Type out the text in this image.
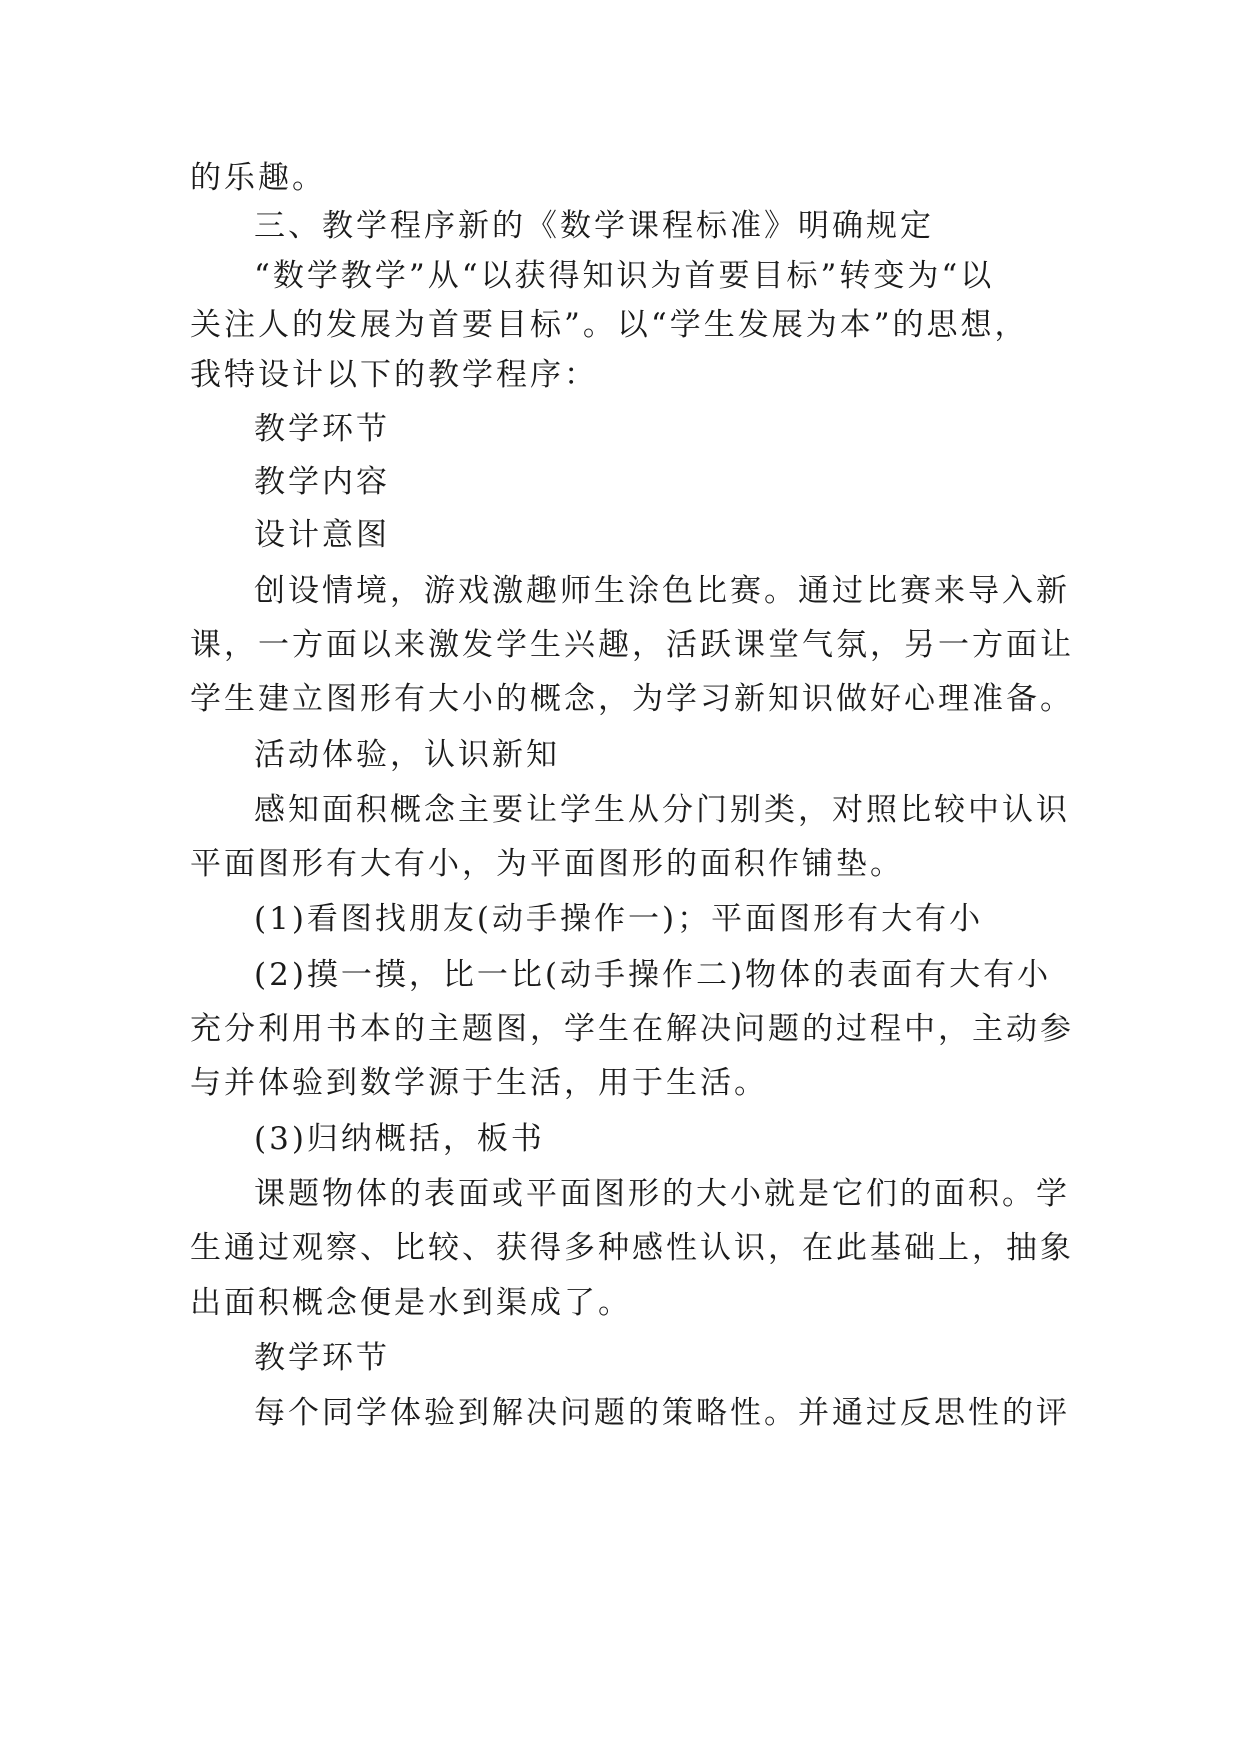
的乐趣。
三、教学程序新的《数学课程标准》明确规定
“数学教学”从“以获得知识为首要目标”转变为“以
关注人的发展为首要目标”。以“学生发展为本”的思想，
我特设计以下的教学程序：
教学环节
教学内容
设计意图
创设情境，游戏激趣师生涂色比赛。通过比赛来导入新
课，一方面以来激发学生兴趣，活跃课堂气氛，另一方面让
学生建立图形有大小的概念，为学习新知识做好心理准备。
活动体验，认识新知
感知面积概念主要让学生从分门别类，对照比较中认识
平面图形有大有小，为平面图形的面积作铺垫。
(1)看图找朋友(动手操作一)；平面图形有大有小
(2)摸一摸，比一比(动手操作二)物体的表面有大有小
充分利用书本的主题图，学生在解决问题的过程中，主动参
与并体验到数学源于生活，用于生活。
(3)归纳概括，板书
课题物体的表面或平面图形的大小就是它们的面积。学
生通过观察、比较、获得多种感性认识，在此基础上，抽象
出面积概念便是水到渠成了。
教学环节
每个同学体验到解决问题的策略性。并通过反思性的评
